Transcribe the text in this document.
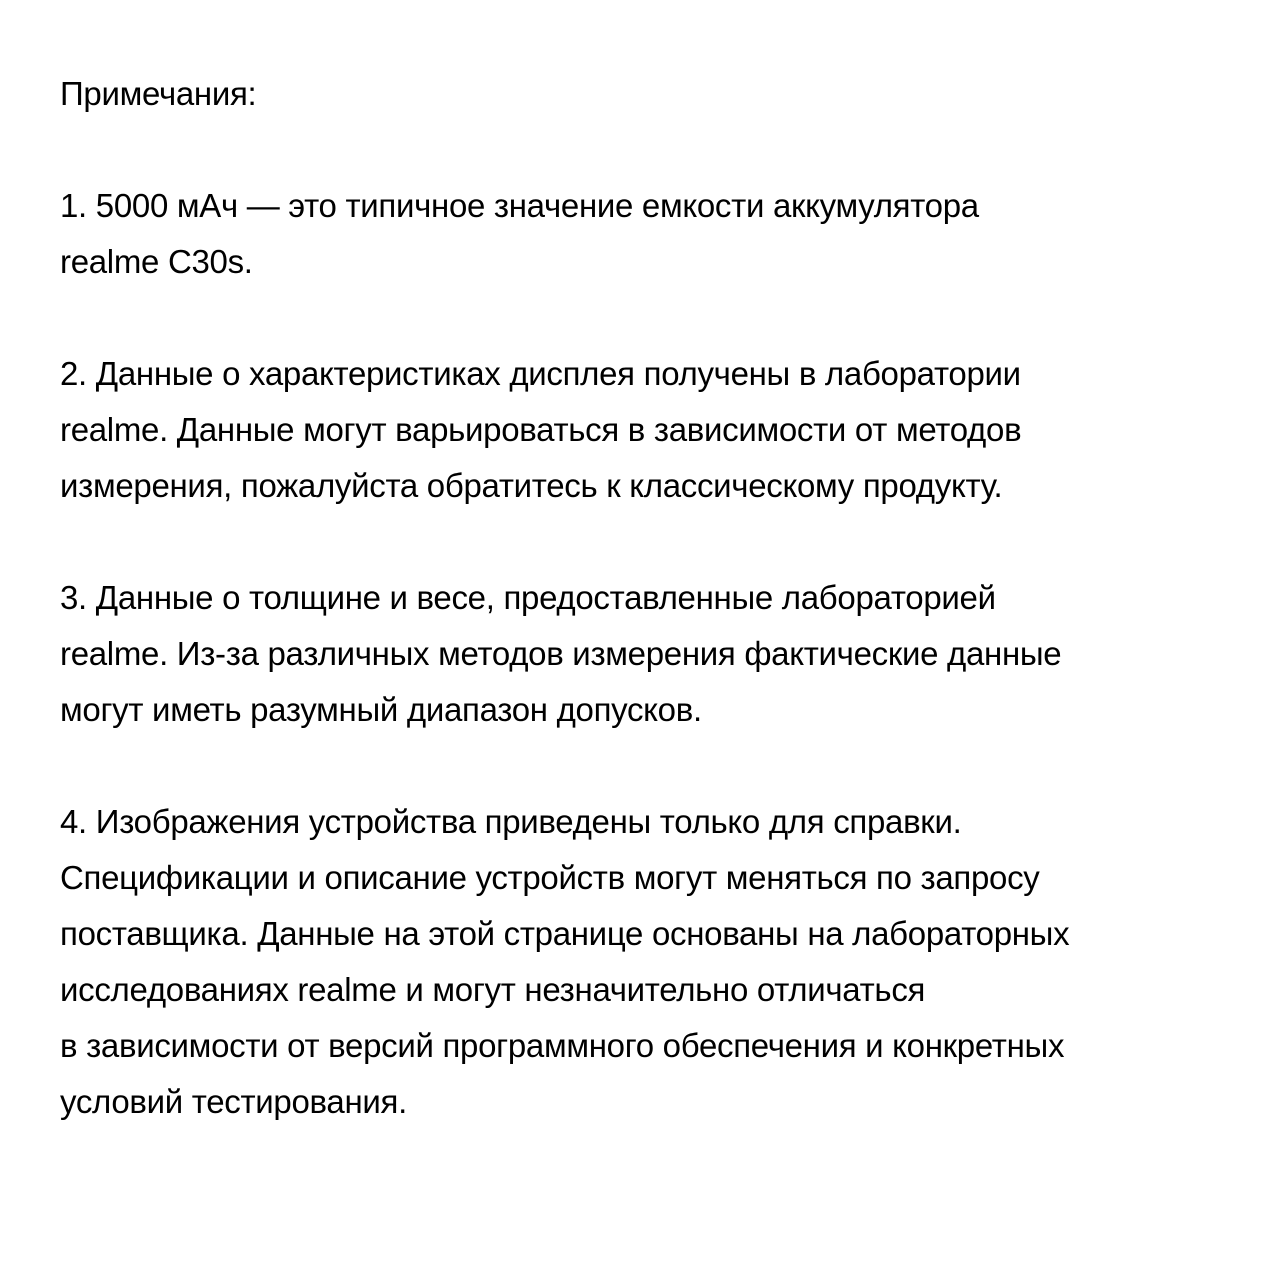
Примечания:
1. 5000 мАч — это типичное значение емкости аккумулятора
realme C30s.
2. Данные о характеристиках дисплея получены в лаборатории
realme. Данные могут варьироваться в зависимости от методов
измерения, пожалуйста обратитесь к классическому продукту.
3. Данные о толщине и весе, предоставленные лабораторией
realme. Из-за различных методов измерения фактические данные
могут иметь разумный диапазон допусков.
4. Изображения устройства приведены только для справки.
Спецификации и описание устройств могут меняться по запросу
поставщика. Данные на этой странице основаны на лабораторных
исследованиях realme и могут незначительно отличаться
в зависимости от версий программного обеспечения и конкретных
условий тестирования.
